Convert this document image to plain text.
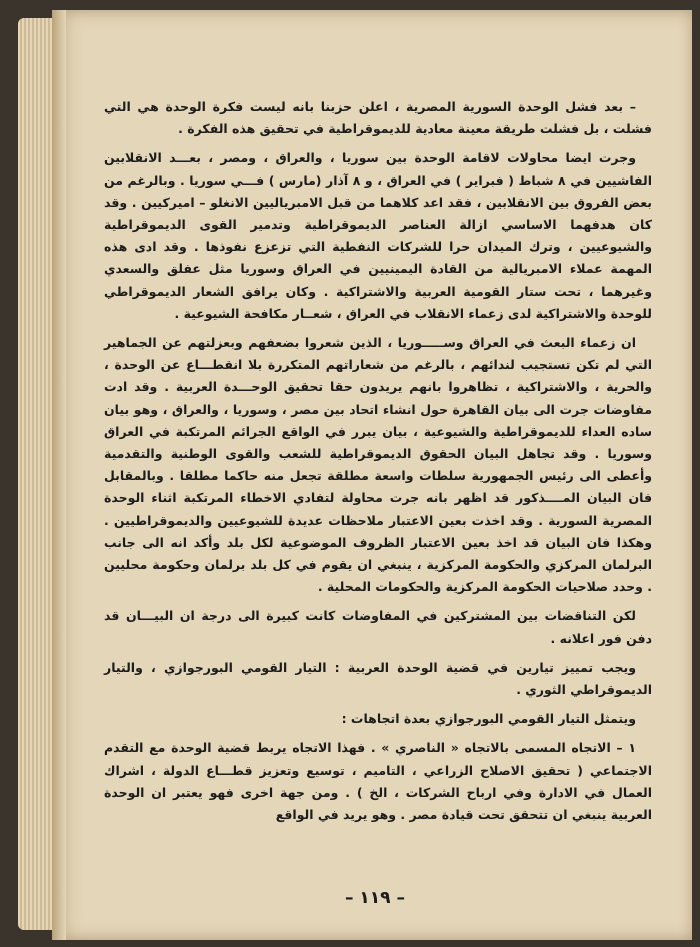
– بعد فشل الوحدة السورية المصرية ، اعلن حزبنا بانه ليست فكرة الوحدة هي التي فشلت ، بل فشلت طريقة معينة معادية للديموقراطية في تحقيق هذه الفكرة .

وجرت ايضا محاولات لاقامة الوحدة بين سوريا ، والعراق ، ومصر ، بعـــد الانقلابين الفاشيين في ٨ شباط ( فبراير ) في العراق ، و ٨ آذار (مارس ) فـــي سوريا . وبالرغم من بعض الفروق بين الانقلابين ، فقد اعد كلاهما من قبل الامبرياليين الانغلو – اميركيين . وقد كان هدفهما الاساسي ازالة العناصر الديموقراطية وتدمير القوى الديموقراطية والشيوعيين ، وترك الميدان حرا للشركات النفطية التي تزعزع نفوذها . وقد ادى هذه المهمة عملاء الامبريالية من القادة اليمينيين في العراق وسوريا مثل عفلق والسعدي وغيرهما ، تحت ستار القومية العربية والاشتراكية . وكان يرافق الشعار الديموقراطي للوحدة والاشتراكية لدى زعماء الانقلاب في العراق ، شعــار مكافحة الشيوعية .

ان زعماء البعث في العراق وســـــوريا ، الذين شعروا بضعفهم وبعزلتهم عن الجماهير التي لم تكن تستجيب لندائهم ، بالرغم من شعاراتهم المتكررة بلا انقطـــاع عن الوحدة ، والحرية ، والاشتراكية ، تظاهروا بانهم يريدون حقا تحقيق الوحـــدة العربية . وقد ادت مفاوضات جرت الى بيان القاهرة حول انشاء اتحاد بين مصر ، وسوريا ، والعراق ، وهو بيان ساده العداء للديموقراطية والشيوعية ، بيان يبرر في الواقع الجرائم المرتكبة في العراق وسوريا . وقد تجاهل البيان الحقوق الديموقراطية للشعب والقوى الوطنية والتقدمية وأعطى الى رئيس الجمهورية سلطات واسعة مطلقة تجعل منه حاكما مطلقا . وبالمقابل فان البيان المــــذكور قد اظهر بانه جرت محاولة لتفادي الاخطاء المرتكبة اثناء الوحدة المصرية السورية . وقد اخذت بعين الاعتبار ملاحظات عديدة للشيوعيين والديموقراطيين . وهكذا فان البيان قد اخذ بعين الاعتبار الظروف الموضوعية لكل بلد وأكد انه الى جانب البرلمان المركزي والحكومة المركزية ، ينبغي ان يقوم في كل بلد برلمان وحكومة محليين . وحدد صلاحيات الحكومة المركزية والحكومات المحلية .

لكن التناقضات بين المشتركين في المفاوضات كانت كبيرة الى درجة ان البيـــان قد دفن فور اعلانه .

ويجب تمييز تيارين في قضية الوحدة العربية : التيار القومي البورجوازي ، والتيار الديموقراطي الثوري .

ويتمثل التيار القومي البورجوازي بعدة اتجاهات :

١ – الاتجاه المسمى بالاتجاه « الناصري » . فهذا الاتجاه يربط قضية الوحدة مع التقدم الاجتماعي ( تحقيق الاصلاح الزراعي ، التاميم ، توسيع وتعزيز قطـــاع الدولة ، اشراك العمال في الادارة وفي ارباح الشركات ، الخ ) . ومن جهة اخرى فهو يعتبر ان الوحدة العربية ينبغي ان تتحقق تحت قيادة مصر . وهو يريد في الواقع

– ١١٩ –
